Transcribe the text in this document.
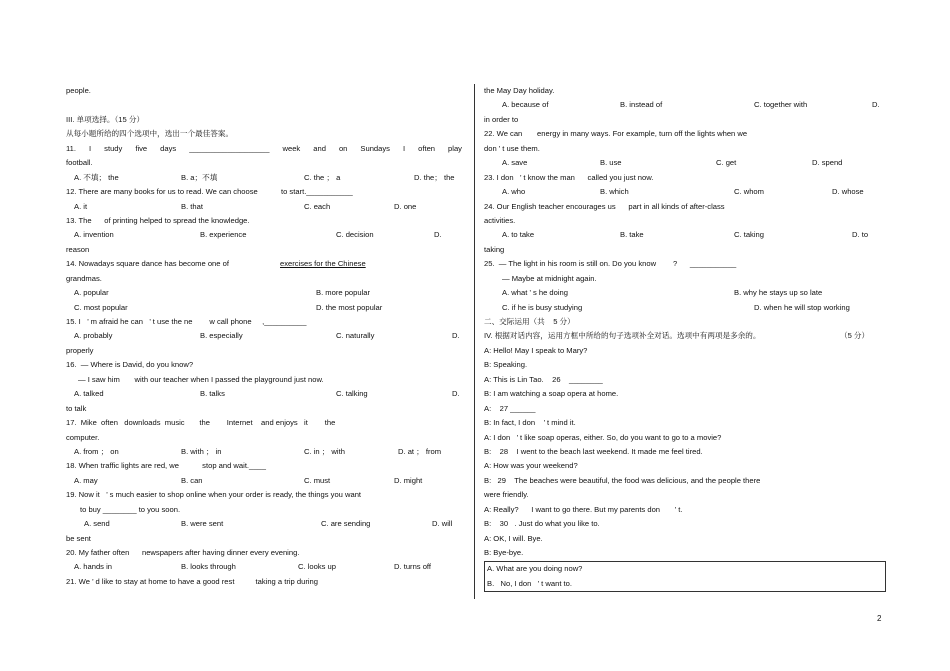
people.
III. 单项选择。（15 分）
从每小题所给的四个选项中，选出一个最佳答案。
11. I study five days ___________________ week and on Sundays I often play
football.
A. 不填； the	B. a；不填	C. the ； a	D. the； the
12. There are many books for us to read. We can choose           to start.___________
A. it	B. that	C. each	D. one
13. The      of printing helped to spread the knowledge.
A. invention	B. experience	C. decision	D.
reason
14. Nowadays square dance has become one of	exercises for the Chinese
grandmas.
A. popular	B. more popular
C. most popular	D. the most popular
15. I   ’ m afraid he can   ’ t use the ne        w call phone     ,__________
A. probably	B. especially	C. naturally	D.
properly
16.  — Where is David, do you know?
— I saw him       with our teacher when I passed the playground just now.
A. talked	B. talks	C. talking	D.
to talk
17.  Mike  often   downloads  music       the        Internet    and enjoys   it        the
computer.
A. from ； on	B. with ； in	C. in ； with	D. at ； from
18. When traffic lights are red, we           stop and wait.____
A. may	B. can	C. must	D. might
19. Now it   ’ s much easier to shop online when your order is ready, the things you want
to buy ________ to you soon.
A. send	B. were sent	C. are sending	D. will
be sent
20. My father often      newspapers after having dinner every evening.
A. hands in	B. looks through	C. looks up	D. turns off
21. We ’ d like to stay at home to have a good rest          taking a trip during
the May Day holiday.
A. because of	B. instead of	C. together with	D.
in order to
22. We can       energy in many ways. For example, turn off the lights when we
don ’ t use them.
A. save	B. use	C. get	D. spend
23. I don   ’ t know the man      called you just now.
A. who	B. which	C. whom	D. whose
24. Our English teacher encourages us      part in all kinds of after-class
activities.
A. to take	B. take	C. taking	D. to
taking
25.  — The light in his room is still on. Do you know        ?      ___________
— Maybe at midnight again.
A. what ’ s he doing	B. why he stays up so late
C. if he is busy studying	D. when he will stop working
二、交际运用（共    5 分）
IV. 根据对话内容，运用方框中所给的句子选项补全对话。选项中有两项是多余的。	（5 分）
A: Hello! May I speak to Mary?
B: Speaking.
A: This is Lin Tao.    26    ________
B: I am watching a soap opera at home.
A:    27 ______
B: In fact, I don    ’ t mind it.
A: I don   ’ t like soap operas, either. So, do you want to go to a movie?
B:    28    I went to the beach last weekend. It made me feel tired.
A: How was your weekend?
B:   29    The beaches were beautiful, the food was delicious, and the people there
were friendly.
A: Really?      I want to go there. But my parents don       ’ t.
B:    30   . Just do what you like to.
A: OK, I will. Bye.
B: Bye-bye.
A. What are you doing now?
B.   No, I don   ’ t want to.
2
